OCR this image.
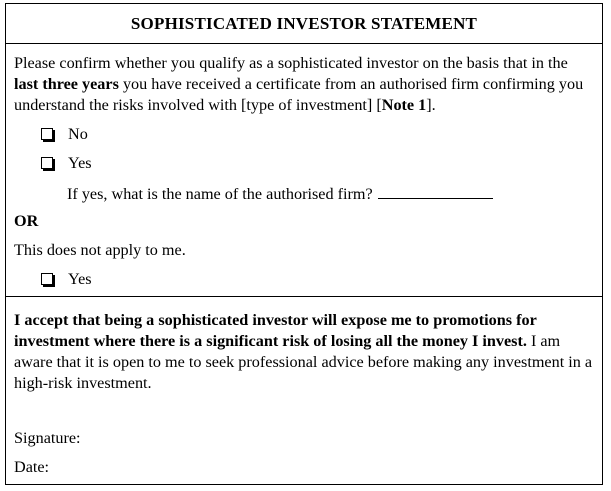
SOPHISTICATED INVESTOR STATEMENT
Please confirm whether you qualify as a sophisticated investor on the basis that in the last three years you have received a certificate from an authorised firm confirming you understand the risks involved with [type of investment] [Note 1].
No
Yes
If yes, what is the name of the authorised firm?
OR
This does not apply to me.
Yes
I accept that being a sophisticated investor will expose me to promotions for investment where there is a significant risk of losing all the money I invest. I am aware that it is open to me to seek professional advice before making any investment in a high-risk investment.
Signature:
Date:
